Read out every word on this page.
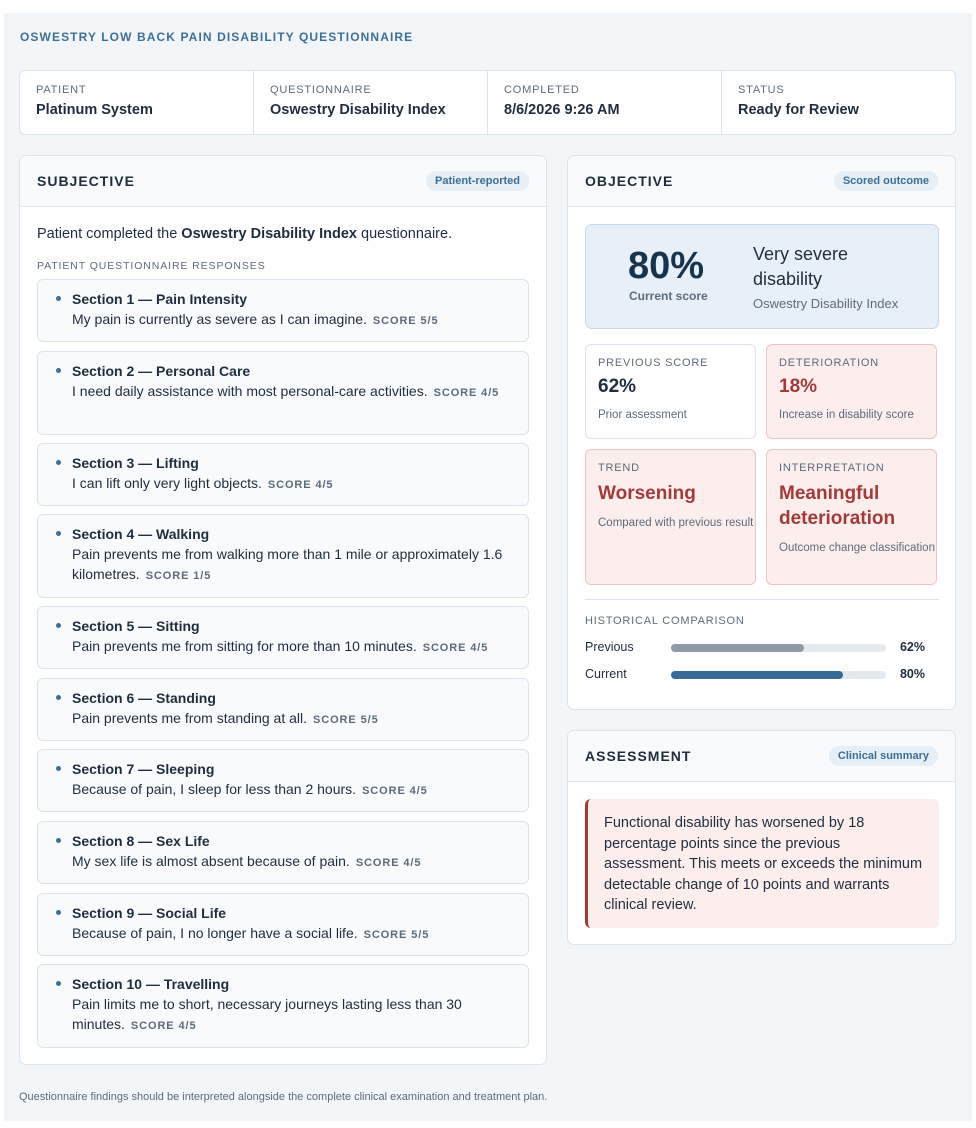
OSWESTRY LOW BACK PAIN DISABILITY QUESTIONNAIRE
PATIENT
Platinum System
QUESTIONNAIRE
Oswestry Disability Index
COMPLETED
8/6/2026 9:26 AM
STATUS
Ready for Review
SUBJECTIVE	Patient-reported
Patient completed the Oswestry Disability Index questionnaire.
PATIENT QUESTIONNAIRE RESPONSES
Section 1 — Pain Intensity
My pain is currently as severe as I can imagine. SCORE 5/5
Section 2 — Personal Care
I need daily assistance with most personal-care activities. SCORE 4/5
Section 3 — Lifting
I can lift only very light objects. SCORE 4/5
Section 4 — Walking
Pain prevents me from walking more than 1 mile or approximately 1.6 kilometres. SCORE 1/5
Section 5 — Sitting
Pain prevents me from sitting for more than 10 minutes. SCORE 4/5
Section 6 — Standing
Pain prevents me from standing at all. SCORE 5/5
Section 7 — Sleeping
Because of pain, I sleep for less than 2 hours. SCORE 4/5
Section 8 — Sex Life
My sex life is almost absent because of pain. SCORE 4/5
Section 9 — Social Life
Because of pain, I no longer have a social life. SCORE 5/5
Section 10 — Travelling
Pain limits me to short, necessary journeys lasting less than 30 minutes. SCORE 4/5
OBJECTIVE	Scored outcome
80%
Current score
Very severe disability
Oswestry Disability Index
PREVIOUS SCORE
62%
Prior assessment
DETERIORATION
18%
Increase in disability score
TREND
Worsening
Compared with previous result
INTERPRETATION
Meaningful deterioration
Outcome change classification
HISTORICAL COMPARISON
Previous	62%
Current	80%
ASSESSMENT	Clinical summary
Functional disability has worsened by 18 percentage points since the previous assessment. This meets or exceeds the minimum detectable change of 10 points and warrants clinical review.
Questionnaire findings should be interpreted alongside the complete clinical examination and treatment plan.
